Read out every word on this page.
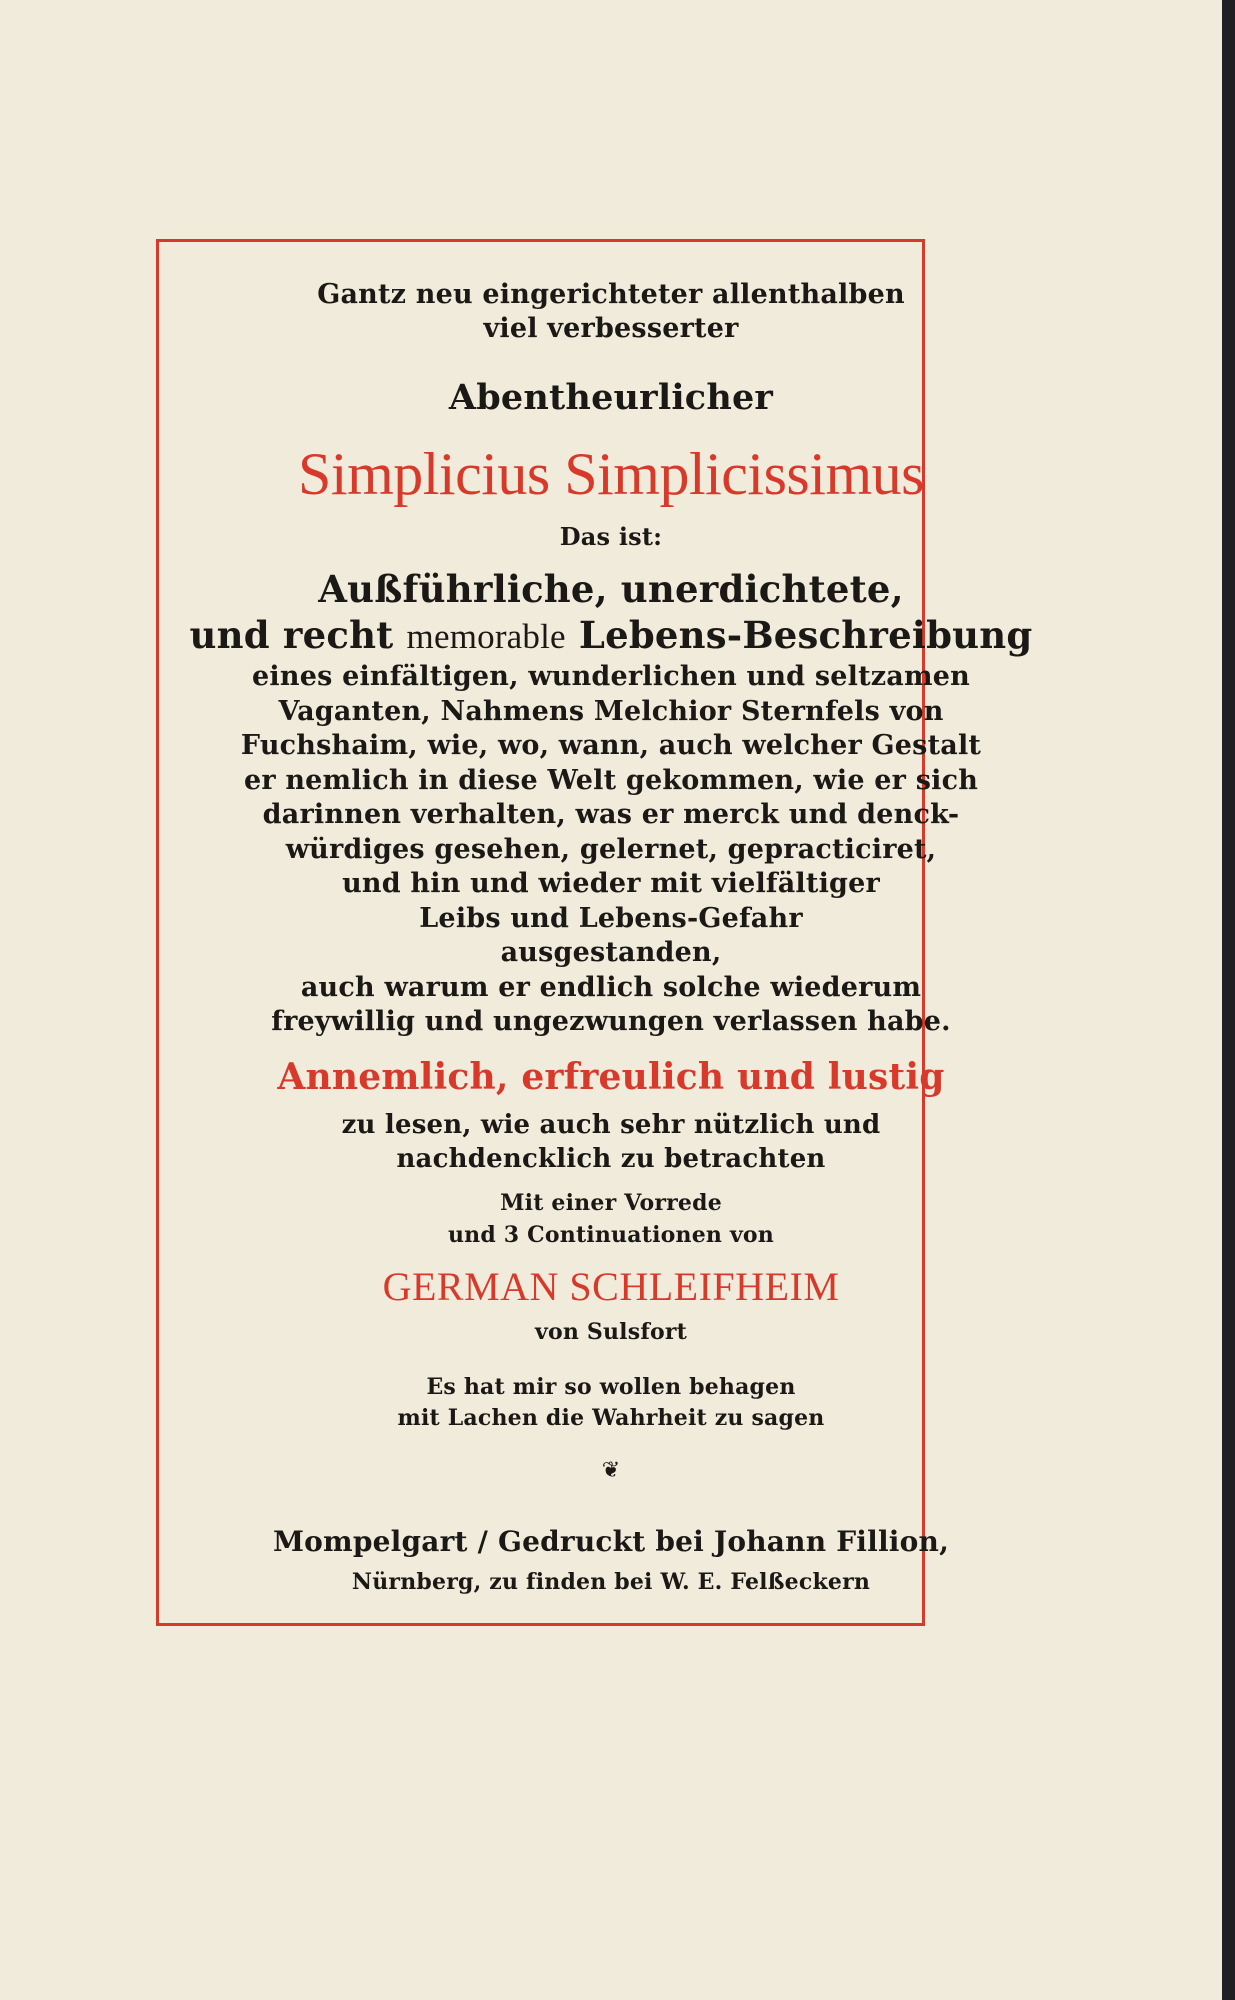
Gantz neu eingerichteter allenthalben
viel verbesserter
Abentheurlicher
Simplicius Simplicissimus
Das ist:
Außführliche, unerdichtete,
und recht memorable Lebens-Beschreibung
eines einfältigen, wunderlichen und seltzamen
Vaganten, Nahmens Melchior Sternfels von
Fuchshaim, wie, wo, wann, auch welcher Gestalt
er nemlich in diese Welt gekommen, wie er sich
darinnen verhalten, was er merck und denck-
würdiges gesehen, gelernet, gepracticiret,
und hin und wieder mit vielfältiger
Leibs und Lebens-Gefahr
ausgestanden,
auch warum er endlich solche wiederum
freywillig und ungezwungen verlassen habe.
Annemlich, erfreulich und lustig
zu lesen, wie auch sehr nützlich und
nachdencklich zu betrachten
Mit einer Vorrede
und 3 Continuationen von
GERMAN SCHLEIFHEIM
von Sulsfort
Es hat mir so wollen behagen
mit Lachen die Wahrheit zu sagen
❦
Mompelgart / Gedruckt bei Johann Fillion,
Nürnberg, zu finden bei W. E. Felßeckern
